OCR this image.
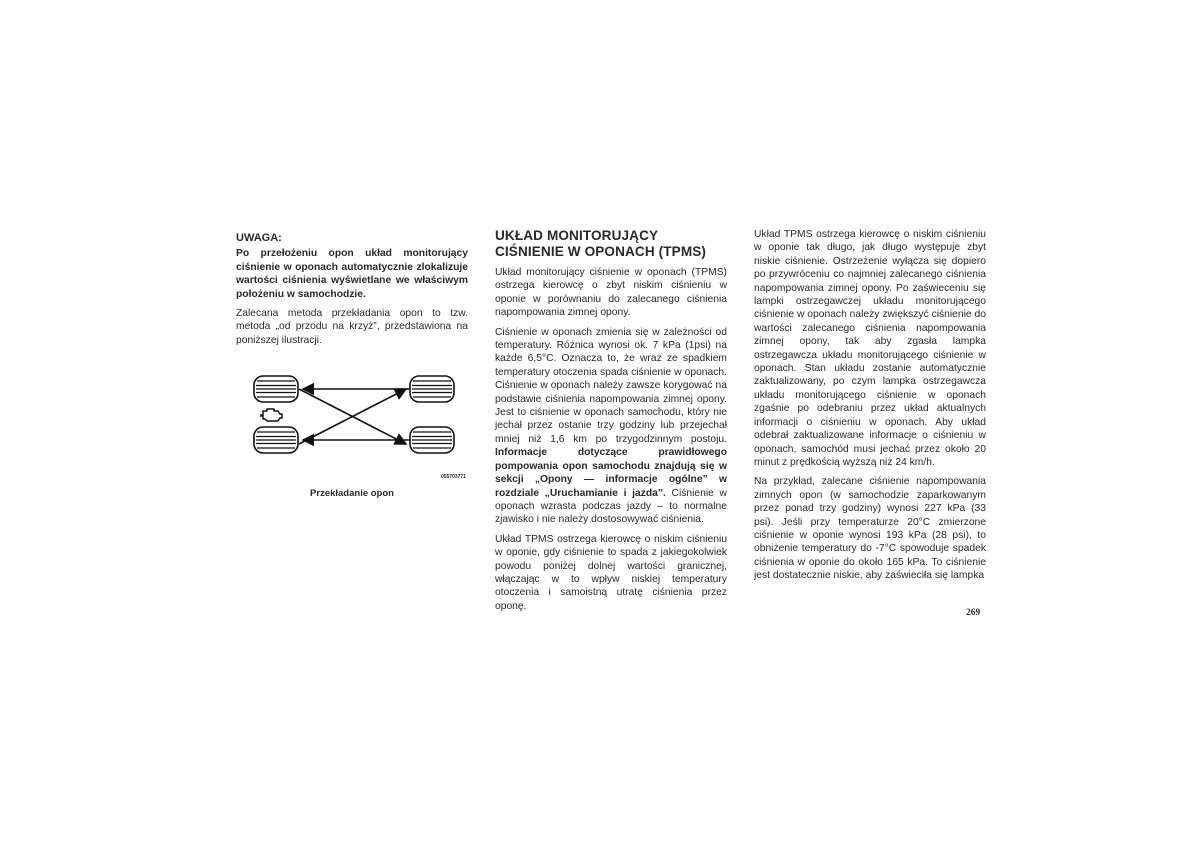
UWAGA:

Po przełożeniu opon układ monitorujący ciśnienie w oponach automatycznie zlokalizuje wartości ciśnienia wyświetlane we właściwym położeniu w samochodzie.

Zalecana metoda przekładania opon to tzw. metoda „od przodu na krzyż”, przedstawiona na poniższej ilustracji.

055703771
Przekładanie opon
UKŁAD MONITORUJĄCY CIŚNIENIE W OPONACH (TPMS)

Układ monitorujący ciśnienie w oponach (TPMS) ostrzega kierowcę o zbyt niskim ciśnieniu w oponie w porównaniu do zalecanego ciśnienia napompowania zimnej opony.

Ciśnienie w oponach zmienia się w zależności od temperatury. Różnica wynosi ok. 7 kPa (1psi) na każde 6,5°C. Oznacza to, że wraz ze spadkiem temperatury otoczenia spada ciśnienie w oponach. Ciśnienie w oponach należy zawsze korygować na podstawie ciśnienia napompowania zimnej opony. Jest to ciśnienie w oponach samochodu, który nie jechał przez ostanie trzy godziny lub przejechał mniej niż 1,6 km po trzygodzinnym postoju. Informacje dotyczące prawidłowego pompowania opon samochodu znajdują się w sekcji „Opony — informacje ogólne” w rozdziale „Uruchamianie i jazda”. Ciśnienie w oponach wzrasta podczas jazdy – to normalne zjawisko i nie należy dostosowywać ciśnienia.

Układ TPMS ostrzega kierowcę o niskim ciśnieniu w oponie, gdy ciśnienie to spada z jakiegokolwiek powodu poniżej dolnej wartości granicznej, włączając w to wpływ niskiej temperatury otoczenia i samoistną utratę ciśnienia przez oponę.

Układ TPMS ostrzega kierowcę o niskim ciśnieniu w oponie tak długo, jak długo występuje zbyt niskie ciśnienie. Ostrzeżenie wyłącza się dopiero po przywróceniu co najmniej zalecanego ciśnienia napompowania zimnej opony. Po zaświeceniu się lampki ostrzegawczej układu monitorującego ciśnienie w oponach należy zwiększyć ciśnienie do wartości zalecanego ciśnienia napompowania zimnej opony, tak aby zgasła lampka ostrzegawcza układu monitorującego ciśnienie w oponach. Stan układu zostanie automatycznie zaktualizowany, po czym lampka ostrzegawcza układu monitorującego ciśnienie w oponach zgaśnie po odebraniu przez układ aktualnych informacji o ciśnieniu w oponach. Aby układ odebrał zaktualizowane informacje o ciśnieniu w oponach, samochód musi jechać przez około 20 minut z prędkością wyższą niż 24 km/h.

Na przykład, zalecane ciśnienie napompowania zimnych opon (w samochodzie zaparkowanym przez ponad trzy godziny) wynosi 227 kPa (33 psi). Jeśli przy temperaturze 20°C zmierzone ciśnienie w oponie wynosi 193 kPa (28 psi), to obniżenie temperatury do -7°C spowoduje spadek ciśnienia w oponie do około 165 kPa. To ciśnienie jest dostatecznie niskie, aby zaświeciła się lampka

269
